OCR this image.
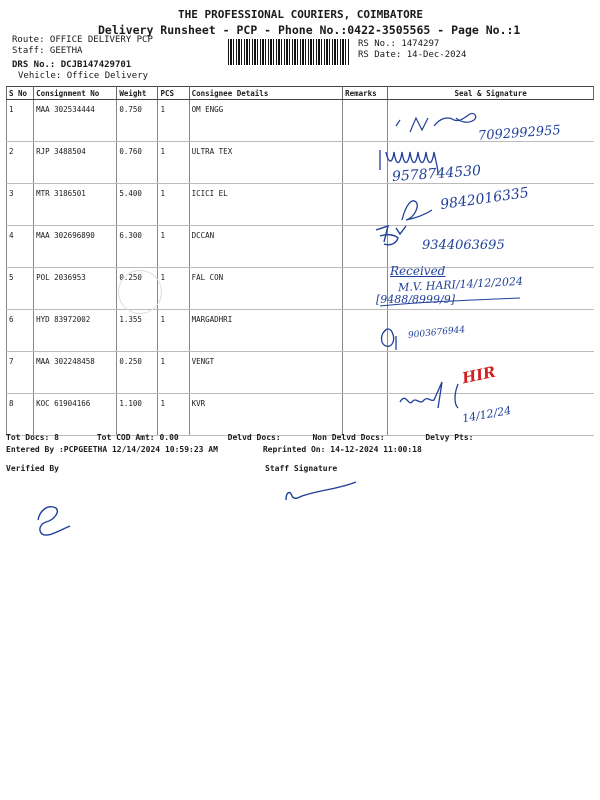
THE PROFESSIONAL COURIERS, COIMBATORE
Delivery Runsheet - PCP - Phone No.:0422-3505565 - Page No.:1
Route: OFFICE DELIVERY PCP
Staff: GEETHA
DRS No.: DCJB147429701
Vehicle: Office Delivery
RS No.: 1474297
RS Date: 14-Dec-2024
S No	Consignment No	Weight	PCS	Consignee Details	Remarks	Seal & Signature
1	MAA 302534444	0.750	1	OM ENGG		
2	RJP 3488504	0.760	1	ULTRA TEX		
3	MTR 3186501	5.400	1	ICICI EL		
4	MAA 302696890	6.300	1	DCCAN		
5	POL 2036953	0.250	1	FAL CON		
6	HYD 83972002	1.355	1	MARGADHRI		
7	MAA 302248458	0.250	1	VENGT		
8	KOC 61904166	1.100	1	KVR		
Tot Docs: 8	Tot COD Amt: 0.00	Delvd Docs:	Non Delvd Docs:	Delvy Pts:
Entered By :PCPGEETHA 12/14/2024 10:59:23 AM	Reprinted On: 14-12-2024 11:00:18
Verified By	Staff Signature
7092992955
9578744530
9842016335
9344063695
Received
M.V. HARI/14/12/2024
[9488/8999/9]
9003676944
HIR
14/12/24
